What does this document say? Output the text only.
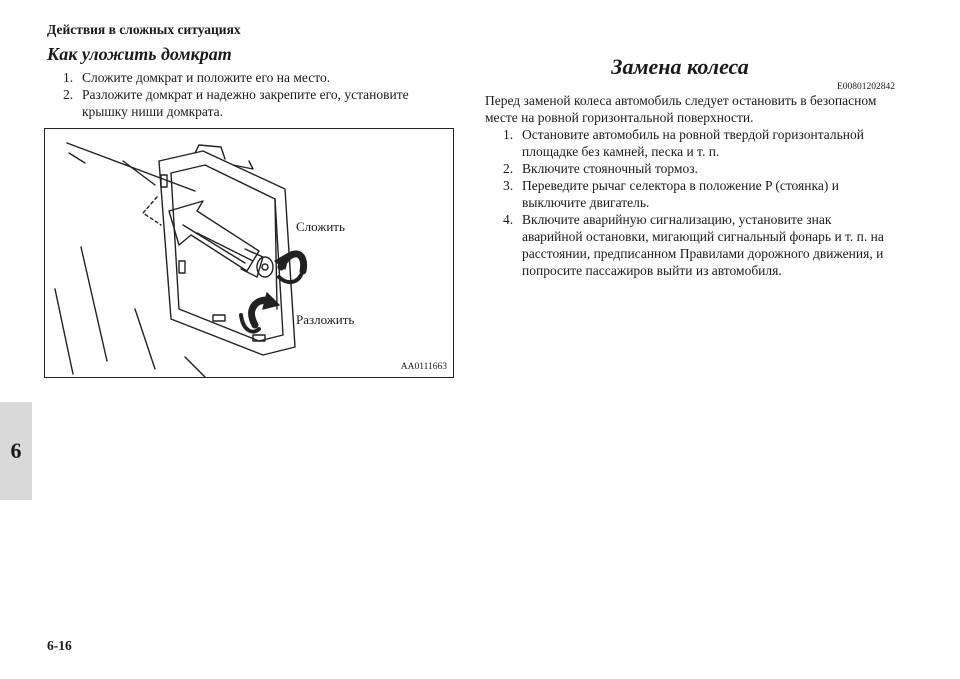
Действия в сложных ситуациях
6
Как уложить домкрат
1. Сложите домкрат и положите его на место.
2. Разложите домкрат и надежно закрепите его, установите крышку ниши домкрата.
Сложить
Разложить
AA0111663
Замена колеса
E00801202842

Перед заменой колеса автомобиль следует остановить в безопасном месте на ровной горизонтальной поверхности.

1. Остановите автомобиль на ровной твердой горизонтальной площадке без камней, песка и т. п.
2. Включите стояночный тормоз.
3. Переведите рычаг селектора в положение P (стоянка) и выключите двигатель.
4. Включите аварийную сигнализацию, установите знак аварийной остановки, мигающий сигнальный фонарь и т. п. на расстоянии, предписанном Правилами дорожного движения, и попросите пассажиров выйти из автомобиля.
6-16
